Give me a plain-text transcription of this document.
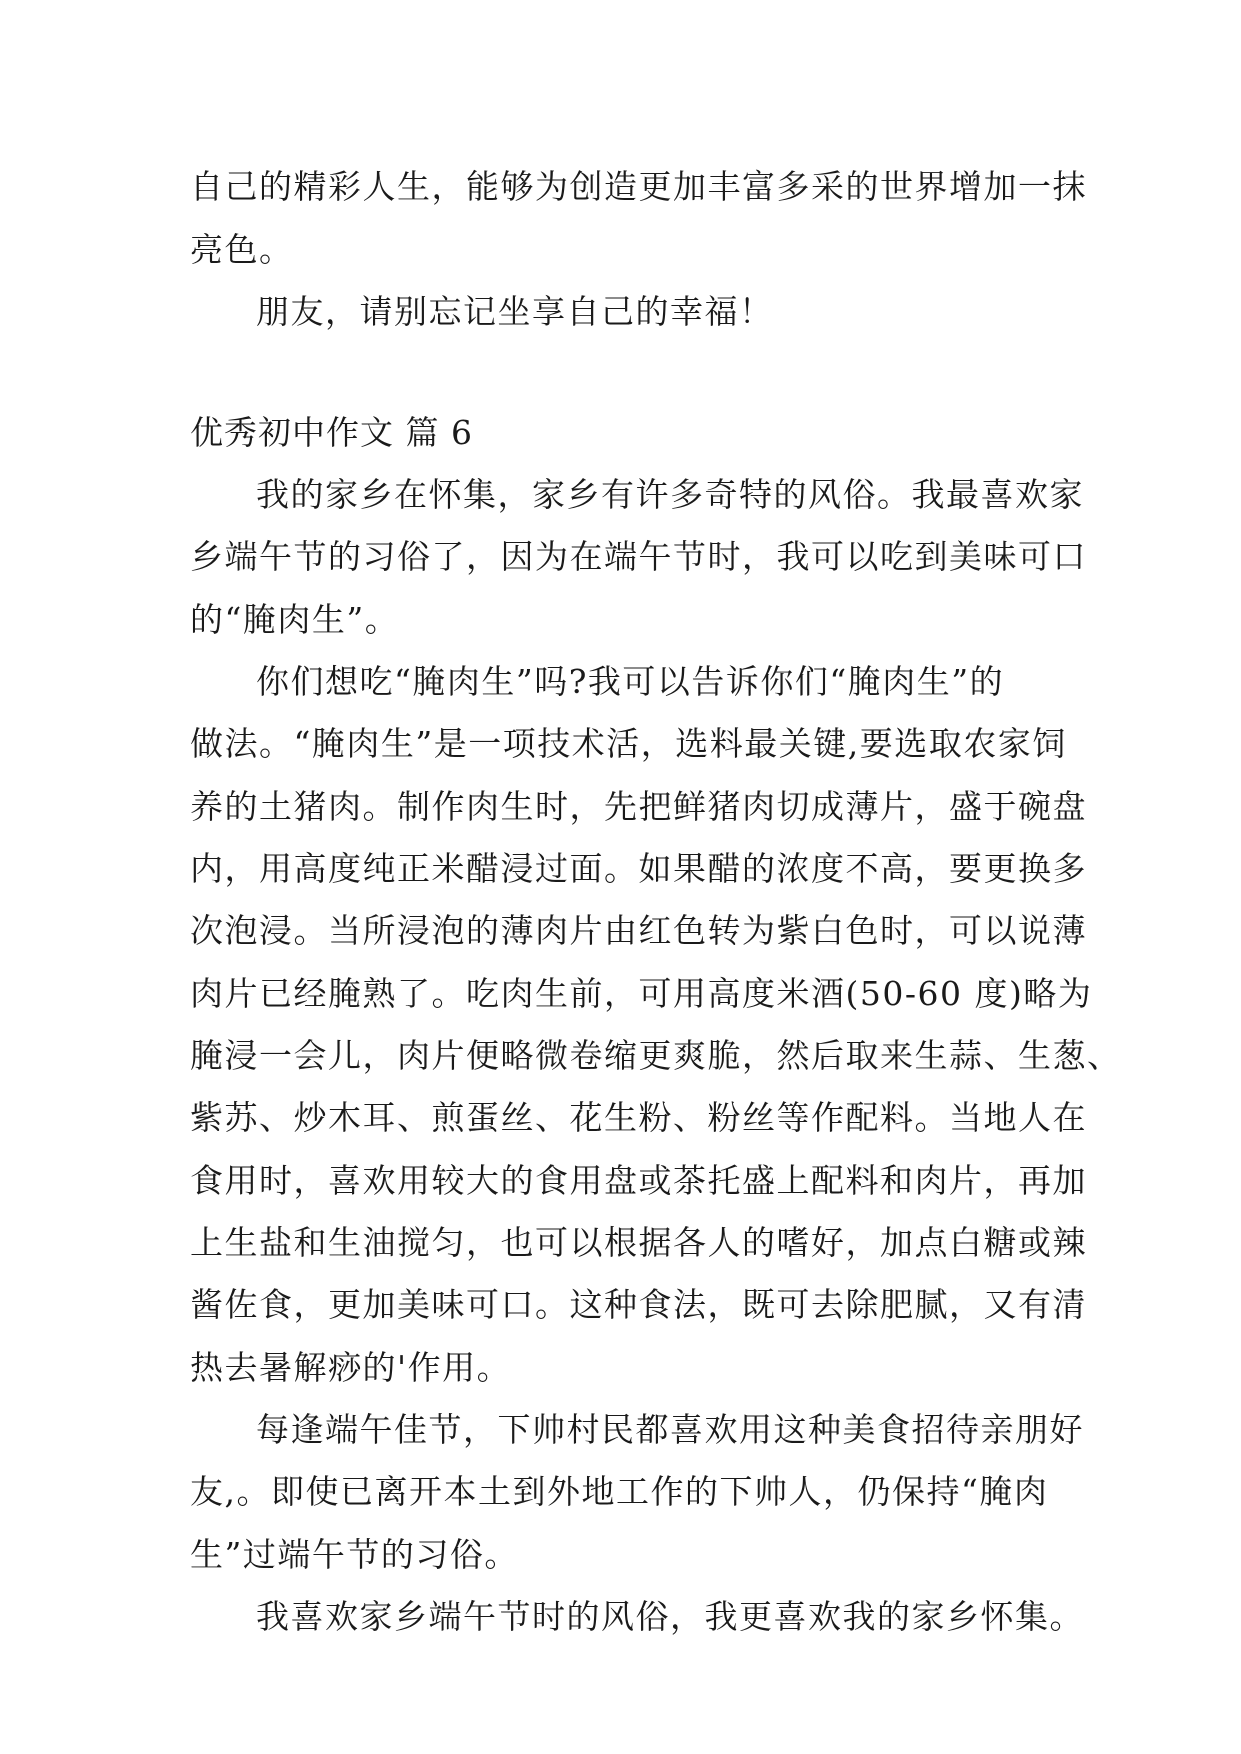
自己的精彩人生，能够为创造更加丰富多采的世界增加一抹
亮色。
朋友，请别忘记坐享自己的幸福！
优秀初中作文 篇 6
我的家乡在怀集，家乡有许多奇特的风俗。我最喜欢家
乡端午节的习俗了，因为在端午节时，我可以吃到美味可口
的“腌肉生”。
你们想吃“腌肉生”吗?我可以告诉你们“腌肉生”的
做法。“腌肉生”是一项技术活，选料最关键,要选取农家饲
养的土猪肉。制作肉生时，先把鲜猪肉切成薄片，盛于碗盘
内，用高度纯正米醋浸过面。如果醋的浓度不高，要更换多
次泡浸。当所浸泡的薄肉片由红色转为紫白色时，可以说薄
肉片已经腌熟了。吃肉生前，可用高度米酒(50-60 度)略为
腌浸一会儿，肉片便略微卷缩更爽脆，然后取来生蒜、生葱、
紫苏、炒木耳、煎蛋丝、花生粉、粉丝等作配料。当地人在
食用时，喜欢用较大的食用盘或茶托盛上配料和肉片，再加
上生盐和生油搅匀，也可以根据各人的嗜好，加点白糖或辣
酱佐食，更加美味可口。这种食法，既可去除肥腻，又有清
热去暑解痧的'作用。
每逢端午佳节，下帅村民都喜欢用这种美食招待亲朋好
友,。即使已离开本土到外地工作的下帅人，仍保持“腌肉
生”过端午节的习俗。
我喜欢家乡端午节时的风俗，我更喜欢我的家乡怀集。
